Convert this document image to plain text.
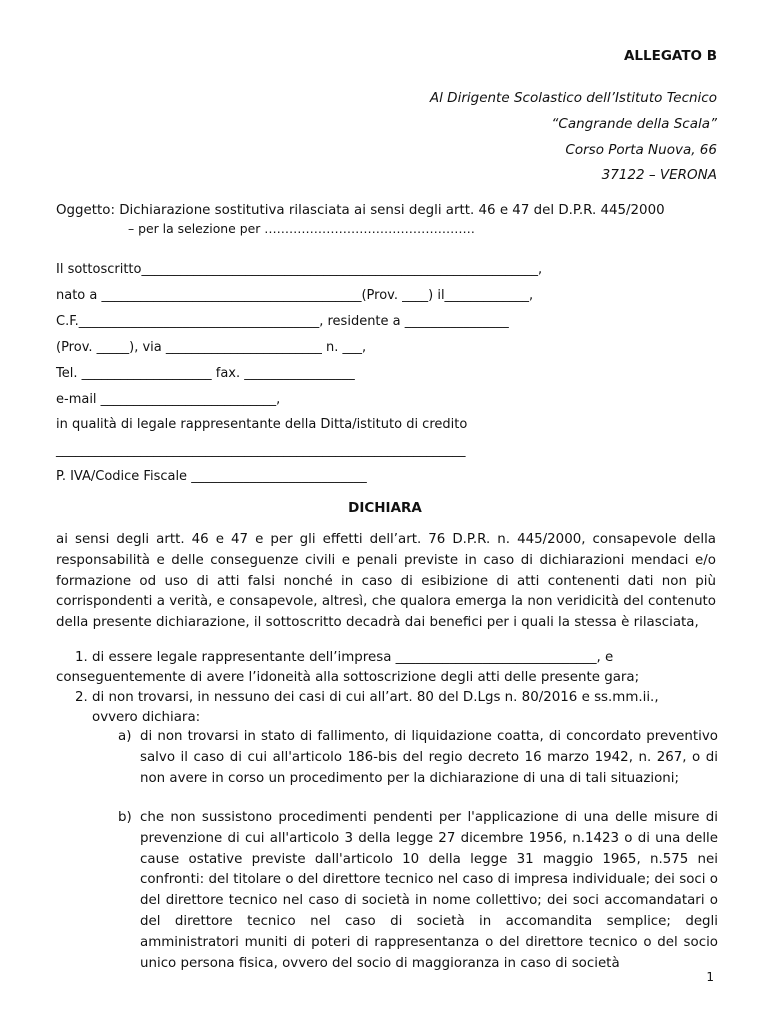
ALLEGATO B
Al Dirigente Scolastico dell’Istituto Tecnico
“Cangrande della Scala”
Corso Porta Nuova, 66
37122 – VERONA
Oggetto: Dichiarazione sostitutiva rilasciata ai sensi degli artt. 46 e 47 del D.P.R. 445/2000
– per la selezione per ……………………………………………
Il sottoscritto_____________________________________________________________,
nato a ________________________________________(Prov. ____) il_____________,
C.F._____________________________________, residente a ________________
(Prov. _____), via ________________________ n. ___,
Tel. ____________________ fax. _________________
e-mail ___________________________,
in qualità di legale rappresentante della Ditta/istituto di credito
_______________________________________________________________
P. IVA/Codice Fiscale ___________________________
DICHIARA
ai sensi degli artt. 46 e 47 e per gli effetti dell’art. 76 D.P.R. n. 445/2000, consapevole della responsabilità e delle conseguenze civili e penali previste in caso di dichiarazioni mendaci e/o formazione od uso di atti falsi nonché in caso di esibizione di atti contenenti dati non più corrispondenti a verità, e consapevole, altresì, che qualora emerga la non veridicità del contenuto della presente dichiarazione, il sottoscritto decadrà dai benefici per i quali la stessa è rilasciata,
1. di essere legale rappresentante dell’impresa ______________________________, e
conseguentemente di avere l’idoneità alla sottoscrizione degli atti delle presente gara;
2. di non trovarsi, in nessuno dei casi di cui all’art. 80 del D.Lgs n. 80/2016 e ss.mm.ii.,
ovvero dichiara:
a) di non trovarsi in stato di fallimento, di liquidazione coatta, di concordato preventivo salvo il caso di cui all'articolo 186-bis del regio decreto 16 marzo 1942, n. 267, o di non avere in corso un procedimento per la dichiarazione di una di tali situazioni;
b) che non sussistono procedimenti pendenti per l'applicazione di una delle misure di prevenzione di cui all'articolo 3 della legge 27 dicembre 1956, n.1423 o di una delle cause ostative previste dall'articolo 10 della legge 31 maggio 1965, n.575 nei confronti: del titolare o del direttore tecnico nel caso di impresa individuale; dei soci o del direttore tecnico nel caso di società in nome collettivo; dei soci accomandatari o del direttore tecnico nel caso di società in accomandita semplice; degli amministratori muniti di poteri di rappresentanza o del direttore tecnico o del socio unico persona fisica, ovvero del socio di maggioranza in caso di società
1
